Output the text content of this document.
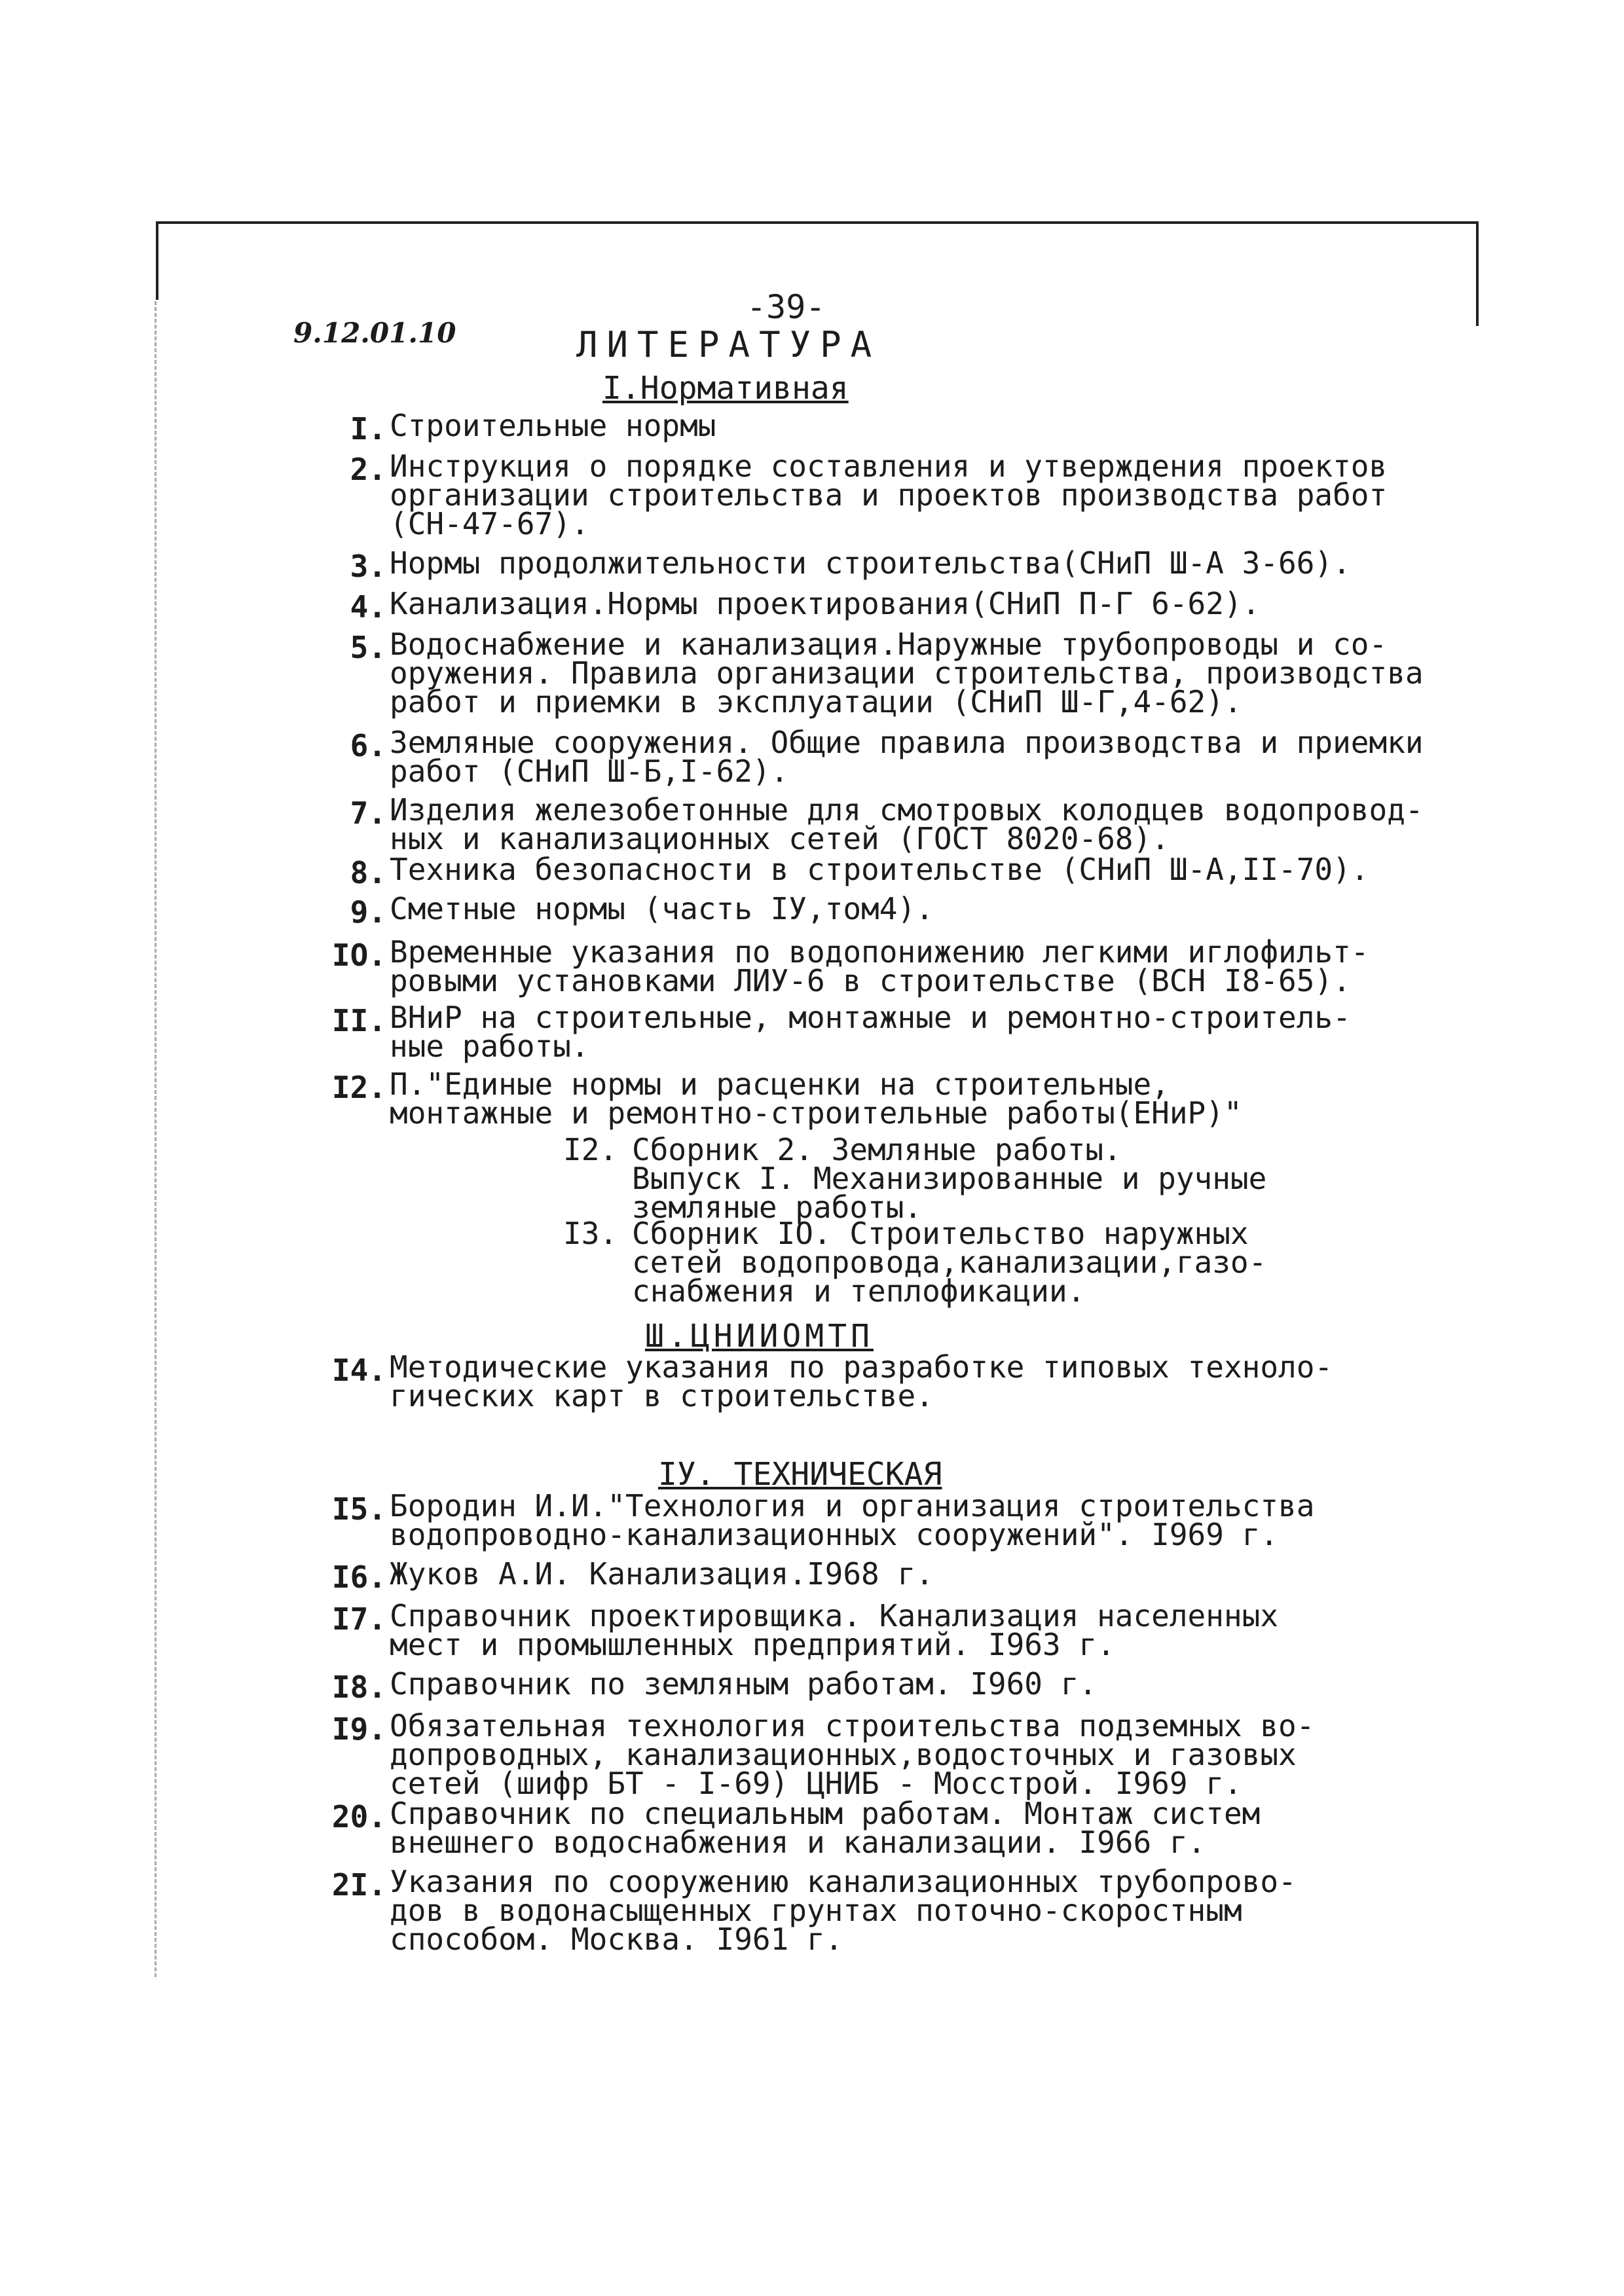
9.12.01.10
-39-
ЛИТЕРАТУРА
I.Нормативная
I. Строительные нормы
2. Инструкция о порядке составления и утверждения проектов
организации строительства и проектов производства работ
(СН-47-67).
3. Нормы продолжительности строительства(СНиП Ш-А 3-66).
4. Канализация.Нормы проектирования(СНиП П-Г 6-62).
5. Водоснабжение и канализация.Наружные трубопроводы и со-
оружения. Правила организации строительства, производства
работ и приемки в эксплуатации (СНиП Ш-Г,4-62).
6. Земляные сооружения. Общие правила производства и приемки
работ (СНиП Ш-Б,I-62).
7. Изделия железобетонные для смотровых колодцев водопровод-
ных и канализационных сетей (ГОСТ 8020-68).
8. Техника безопасности в строительстве (СНиП Ш-А,II-70).
9. Сметные нормы (часть IУ,том4).
IO. Временные указания по водопонижению легкими иглофильт-
ровыми установками ЛИУ-6 в строительстве (ВСН I8-65).
II. ВНиР на строительные, монтажные и ремонтно-строитель-
ные работы.
I2. П."Единые нормы и расценки на строительные,
монтажные и ремонтно-строительные работы(ЕНиР)"
I2. Сборник 2. Земляные работы.
Выпуск I. Механизированные и ручные
земляные работы.
I3. Сборник IO. Строительство наружных
сетей водопровода,канализации,газо-
снабжения и теплофикации.
Ш.ЦНИИОМТП
I4. Методические указания по разработке типовых техноло-
гических карт в строительстве.
IУ. ТЕХНИЧЕСКАЯ
I5. Бородин И.И."Технология и организация строительства
водопроводно-канализационных сооружений". I969 г.
I6. Жуков А.И. Канализация.I968 г.
I7. Справочник проектировщика. Канализация населенных
мест и промышленных предприятий. I963 г.
I8. Справочник по земляным работам. I960 г.
I9. Обязательная технология строительства подземных во-
допроводных, канализационных,водосточных и газовых
сетей (шифр БТ - I-69) ЦНИБ - Мосстрой. I969 г.
20. Справочник по специальным работам. Монтаж систем
внешнего водоснабжения и канализации. I966 г.
2I. Указания по сооружению канализационных трубопрово-
дов в водонасыщенных грунтах поточно-скоростным
способом. Москва. I961 г.
